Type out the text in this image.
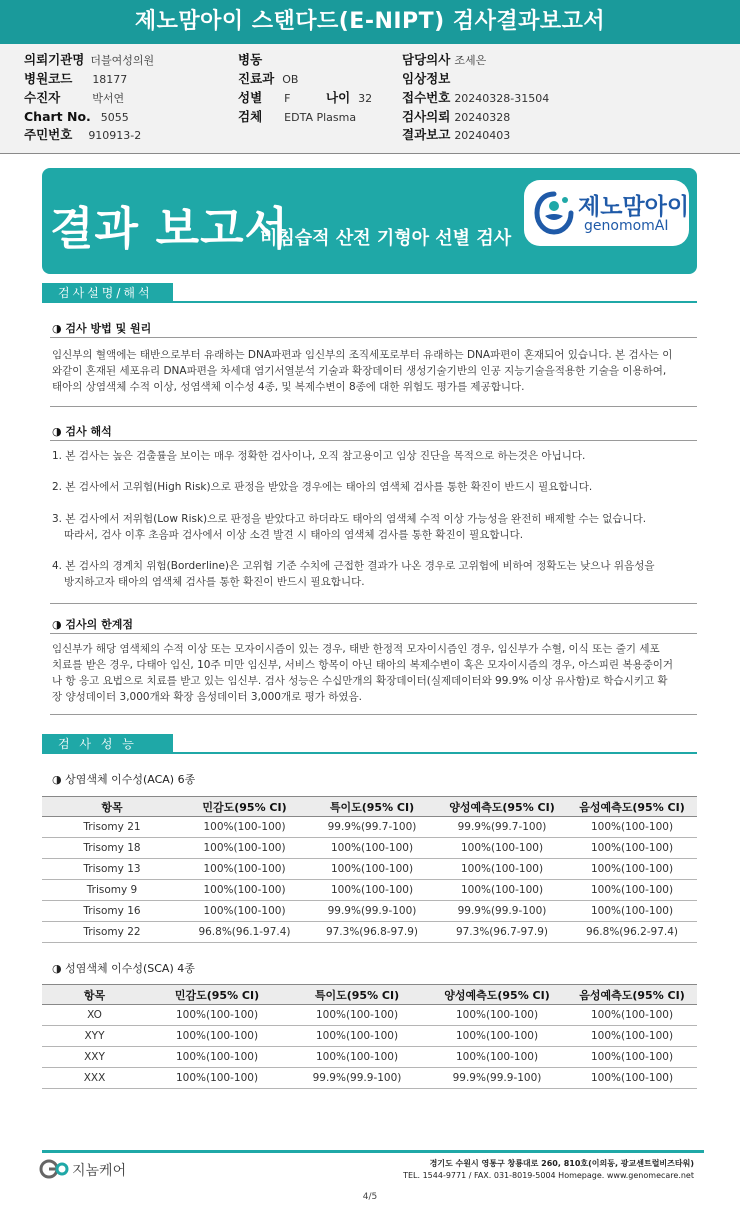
제노맘아이 스탠다드(E-NIPT) 검사결과보고서
의뢰기관명 더블여성의원
병원코드 18177
수진자	박서연
Chart No. 5055
주민번호 910913-2
병동
진료과 OB
성별 F	나이 32
검체 EDTA Plasma
담당의사 조세은
임상정보
접수번호 20240328-31504
검사의뢰 20240328
결과보고 20240403
결과 보고서
비침습적 산전 기형아 선별 검사
제노맘아이
genomomAI
검사설명/해석
◑ 검사 방법 및 원리
임신부의 혈액에는 태반으로부터 유래하는 DNA파편과 임신부의 조직세포로부터 유래하는 DNA파편이 혼재되어 있습니다. 본 검사는 이
와같이 혼재된 세포유리 DNA파편을 차세대 염기서열분석 기술과 확장데이터 생성기술기반의 인공 지능기술을적용한 기술을 이용하여,
태아의 상염색체 수적 이상, 성염색체 이수성 4종, 및 복제수변이 8종에 대한 위험도 평가를 제공합니다.
◑ 검사 해석
1. 본 검사는 높은 검출률을 보이는 매우 정확한 검사이나, 오직 참고용이고 임상 진단을 목적으로 하는것은 아닙니다.
2. 본 검사에서 고위험(High Risk)으로 판정을 받았을 경우에는 태아의 염색체 검사를 통한 확진이 반드시 필요합니다.
3. 본 검사에서 저위험(Low Risk)으로 판정을 받았다고 하더라도 태아의 염색체 수적 이상 가능성을 완전히 배제할 수는 없습니다.
따라서, 검사 이후 초음파 검사에서 이상 소견 발견 시 태아의 염색체 검사를 통한 확진이 필요합니다.
4. 본 검사의 경계치 위험(Borderline)은 고위험 기준 수치에 근접한 결과가 나온 경우로 고위험에 비하여 정확도는 낮으나 위음성을
방지하고자 태아의 염색체 검사를 통한 확진이 반드시 필요합니다.
◑ 검사의 한계점
임신부가 해당 염색체의 수적 이상 또는 모자이시즘이 있는 경우, 태반 한정적 모자이시즘인 경우, 임신부가 수혈, 이식 또는 줄기 세포
치료를 받은 경우, 다태아 임신, 10주 미만 임신부, 서비스 항목이 아닌 태아의 복제수변이 혹은 모자이시즘의 경우, 아스피린 복용중이거
나 항 응고 요법으로 치료를 받고 있는 임신부. 검사 성능은 수십만개의 확장데이터(실제데이터와 99.9% 이상 유사함)로 학습시키고 확
장 양성데이터 3,000개와 확장 음성데이터 3,000개로 평가 하였음.
검 사 성 능
◑ 상염색체 이수성(ACA) 6종
항목	민감도(95% CI)	특이도(95% CI)	양성예측도(95% CI)	음성예측도(95% CI)
Trisomy 21	100%(100-100)	99.9%(99.7-100)	99.9%(99.7-100)	100%(100-100)
Trisomy 18	100%(100-100)	100%(100-100)	100%(100-100)	100%(100-100)
Trisomy 13	100%(100-100)	100%(100-100)	100%(100-100)	100%(100-100)
Trisomy 9	100%(100-100)	100%(100-100)	100%(100-100)	100%(100-100)
Trisomy 16	100%(100-100)	99.9%(99.9-100)	99.9%(99.9-100)	100%(100-100)
Trisomy 22	96.8%(96.1-97.4)	97.3%(96.8-97.9)	97.3%(96.7-97.9)	96.8%(96.2-97.4)
◑ 성염색체 이수성(SCA) 4종
항목	민감도(95% CI)	특이도(95% CI)	양성예측도(95% CI)	음성예측도(95% CI)
XO	100%(100-100)	100%(100-100)	100%(100-100)	100%(100-100)
XYY	100%(100-100)	100%(100-100)	100%(100-100)	100%(100-100)
XXY	100%(100-100)	100%(100-100)	100%(100-100)	100%(100-100)
XXX	100%(100-100)	99.9%(99.9-100)	99.9%(99.9-100)	100%(100-100)
지놈케어	경기도 수원시 영통구 창룡대로 260, 810호(이의동, 광교센트럴비즈타워)
TEL. 1544-9771 / FAX. 031-8019-5004 Homepage. www.genomecare.net
4/5
